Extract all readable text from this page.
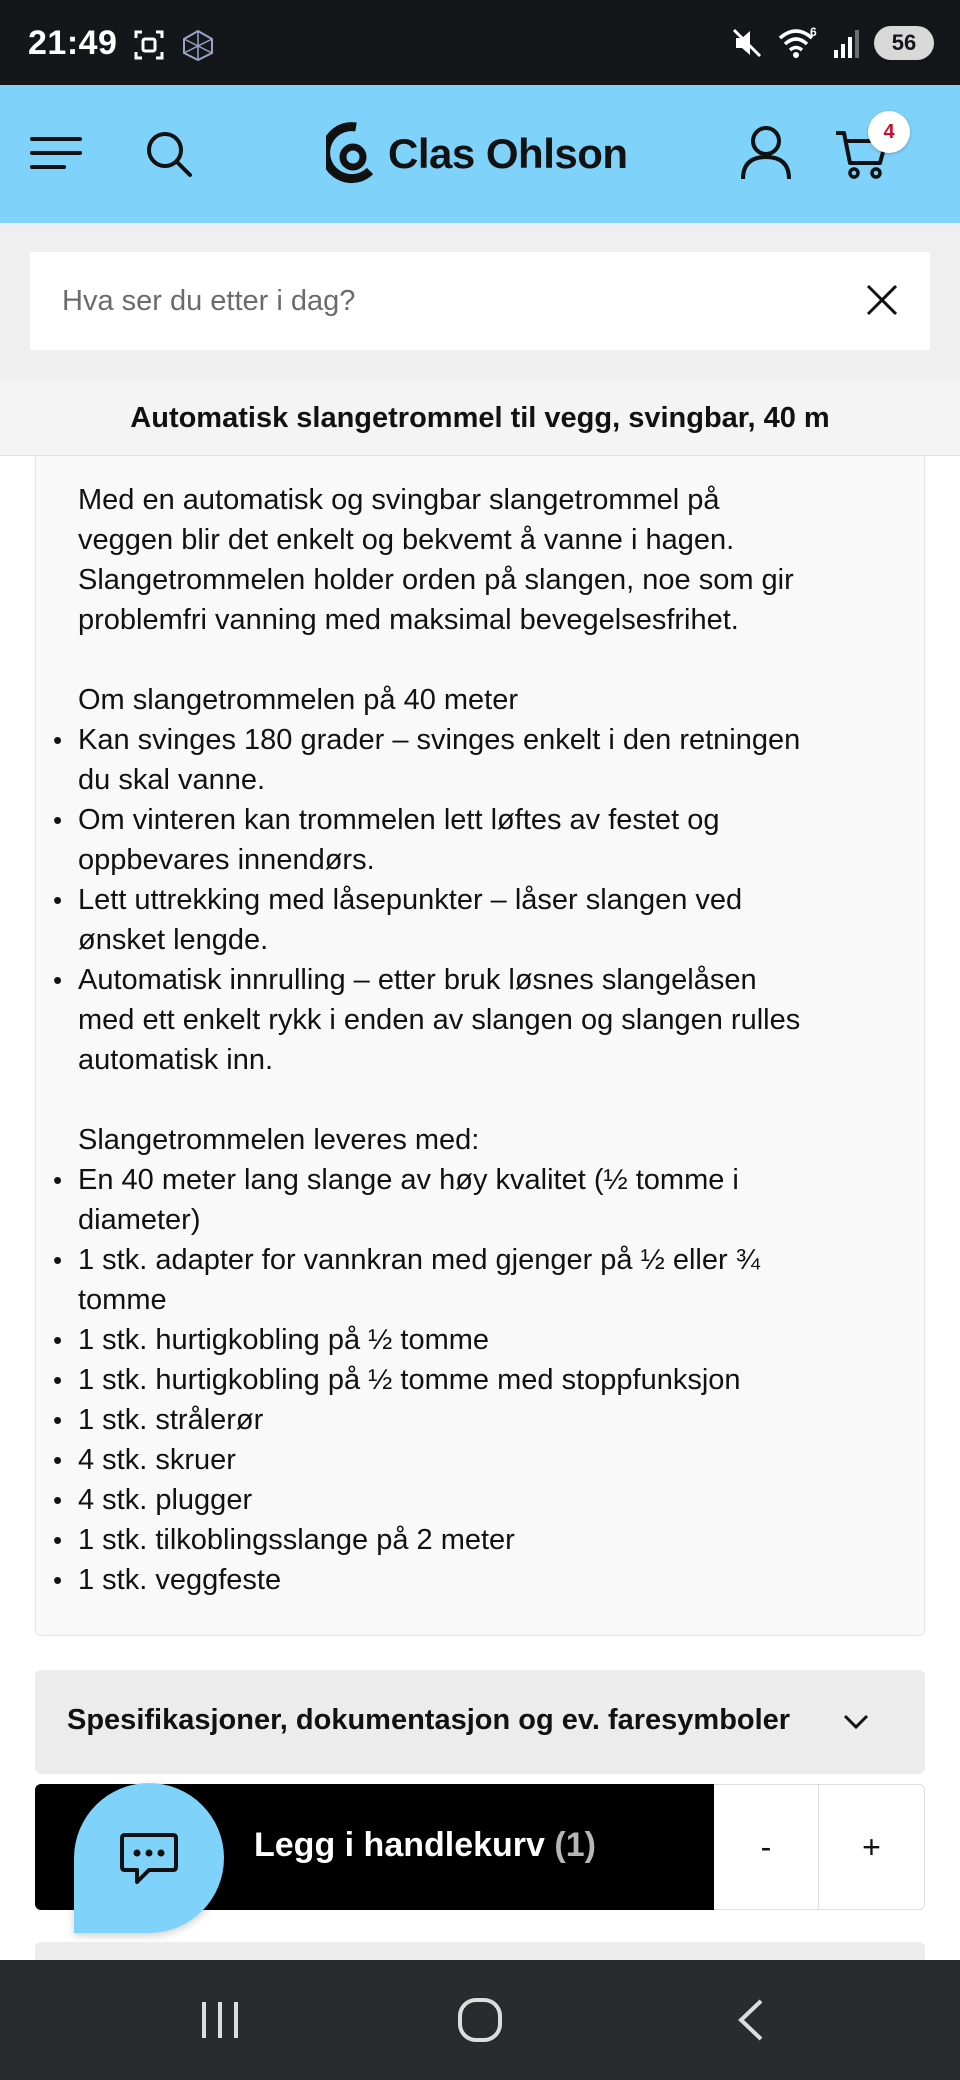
21:49	6	56
Clas Ohlson	4
Hva ser du etter i dag?
Automatisk slangetrommel til vegg, svingbar, 40 m

Med en automatisk og svingbar slangetrommel på
veggen blir det enkelt og bekvemt å vanne i hagen.
Slangetrommelen holder orden på slangen, noe som gir
problemfri vanning med maksimal bevegelsesfrihet.

Om slangetrommelen på 40 meter

• Kan svinges 180 grader – svinges enkelt i den retningen
du skal vanne.
• Om vinteren kan trommelen lett løftes av festet og
oppbevares innendørs.
• Lett uttrekking med låsepunkter – låser slangen ved
ønsket lengde.
• Automatisk innrulling – etter bruk løsnes slangelåsen
med ett enkelt rykk i enden av slangen og slangen rulles
automatisk inn.

Slangetrommelen leveres med:

• En 40 meter lang slange av høy kvalitet (½ tomme i
diameter)
• 1 stk. adapter for vannkran med gjenger på ½ eller ¾
tomme
• 1 stk. hurtigkobling på ½ tomme
• 1 stk. hurtigkobling på ½ tomme med stoppfunksjon
• 1 stk. strålerør
• 4 stk. skruer
• 4 stk. plugger
• 1 stk. tilkoblingsslange på 2 meter
• 1 stk. veggfeste
Spesifikasjoner, dokumentasjon og ev. faresymboler
Legg i handlekurv (1)	-	+
